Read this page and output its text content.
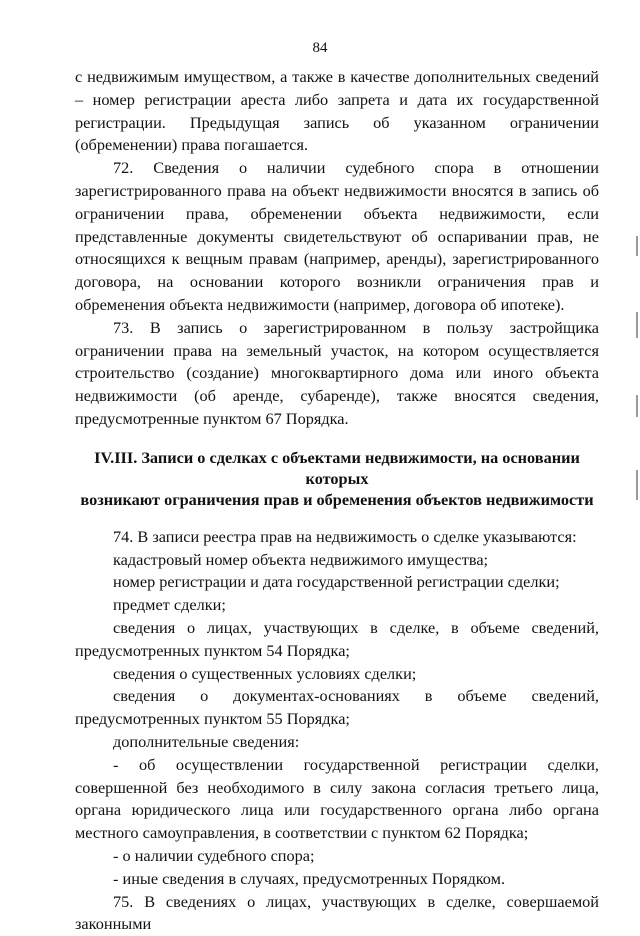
84

с недвижимым имуществом, а также в качестве дополнительных сведений – номер регистрации ареста либо запрета и дата их государственной регистрации. Предыдущая запись об указанном ограничении (обременении) права погашается.

72. Сведения о наличии судебного спора в отношении зарегистрированного права на объект недвижимости вносятся в запись об ограничении права, обременении объекта недвижимости, если представленные документы свидетельствуют об оспаривании прав, не относящихся к вещным правам (например, аренды), зарегистрированного договора, на основании которого возникли ограничения прав и обременения объекта недвижимости (например, договора об ипотеке).

73. В запись о зарегистрированном в пользу застройщика ограничении права на земельный участок, на котором осуществляется строительство (создание) многоквартирного дома или иного объекта недвижимости (об аренде, субаренде), также вносятся сведения, предусмотренные пунктом 67 Порядка.

IV.III. Записи о сделках с объектами недвижимости, на основании которых
возникают ограничения прав и обременения объектов недвижимости

74. В записи реестра прав на недвижимость о сделке указываются:

кадастровый номер объекта недвижимого имущества;

номер регистрации и дата государственной регистрации сделки;

предмет сделки;

сведения о лицах, участвующих в сделке, в объеме сведений, предусмотренных пунктом 54 Порядка;

сведения о существенных условиях сделки;

сведения о документах-основаниях в объеме сведений, предусмотренных пунктом 55 Порядка;

дополнительные сведения:

- об осуществлении государственной регистрации сделки, совершенной без необходимого в силу закона согласия третьего лица, органа юридического лица или государственного органа либо органа местного самоуправления, в соответствии с пунктом 62 Порядка;

- о наличии судебного спора;

- иные сведения в случаях, предусмотренных Порядком.

75. В сведениях о лицах, участвующих в сделке, совершаемой законными
